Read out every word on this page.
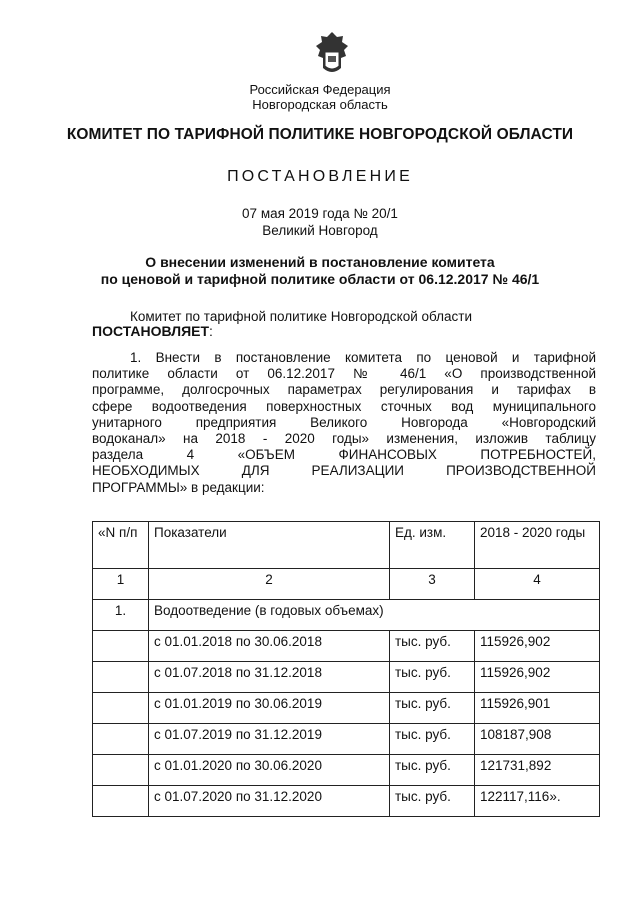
Российская Федерация
Новгородская область
КОМИТЕТ ПО ТАРИФНОЙ ПОЛИТИКЕ НОВГОРОДСКОЙ ОБЛАСТИ
ПОСТАНОВЛЕНИЕ
07 мая 2019 года № 20/1
Великий Новгород
О внесении изменений в постановление комитета
по ценовой и тарифной политике области от 06.12.2017 № 46/1
Комитет по тарифной политике Новгородской области
ПОСТАНОВЛЯЕТ:
1. Внести в постановление комитета по ценовой и тарифной
политике области от 06.12.2017 № 46/1 «О производственной
программе, долгосрочных параметрах регулирования и тарифах в
сфере водоотведения поверхностных сточных вод муниципального
унитарного предприятия Великого Новгорода «Новгородский
водоканал» на 2018 - 2020 годы» изменения, изложив таблицу
раздела 4 «ОБЪЕМ ФИНАНСОВЫХ ПОТРЕБНОСТЕЙ,
НЕОБХОДИМЫХ ДЛЯ РЕАЛИЗАЦИИ ПРОИЗВОДСТВЕННОЙ
ПРОГРАММЫ» в редакции:
«N п/п	Показатели	Ед. изм.	2018 - 2020 годы
1	2	3	4
1.	Водоотведение (в годовых объемах)		
	с 01.01.2018 по 30.06.2018	тыс. руб.	115926,902
	с 01.07.2018 по 31.12.2018	тыс. руб.	115926,902
	с 01.01.2019 по 30.06.2019	тыс. руб.	115926,901
	с 01.07.2019 по 31.12.2019	тыс. руб.	108187,908
	с 01.01.2020 по 30.06.2020	тыс. руб.	121731,892
	с 01.07.2020 по 31.12.2020	тыс. руб.	122117,116».
